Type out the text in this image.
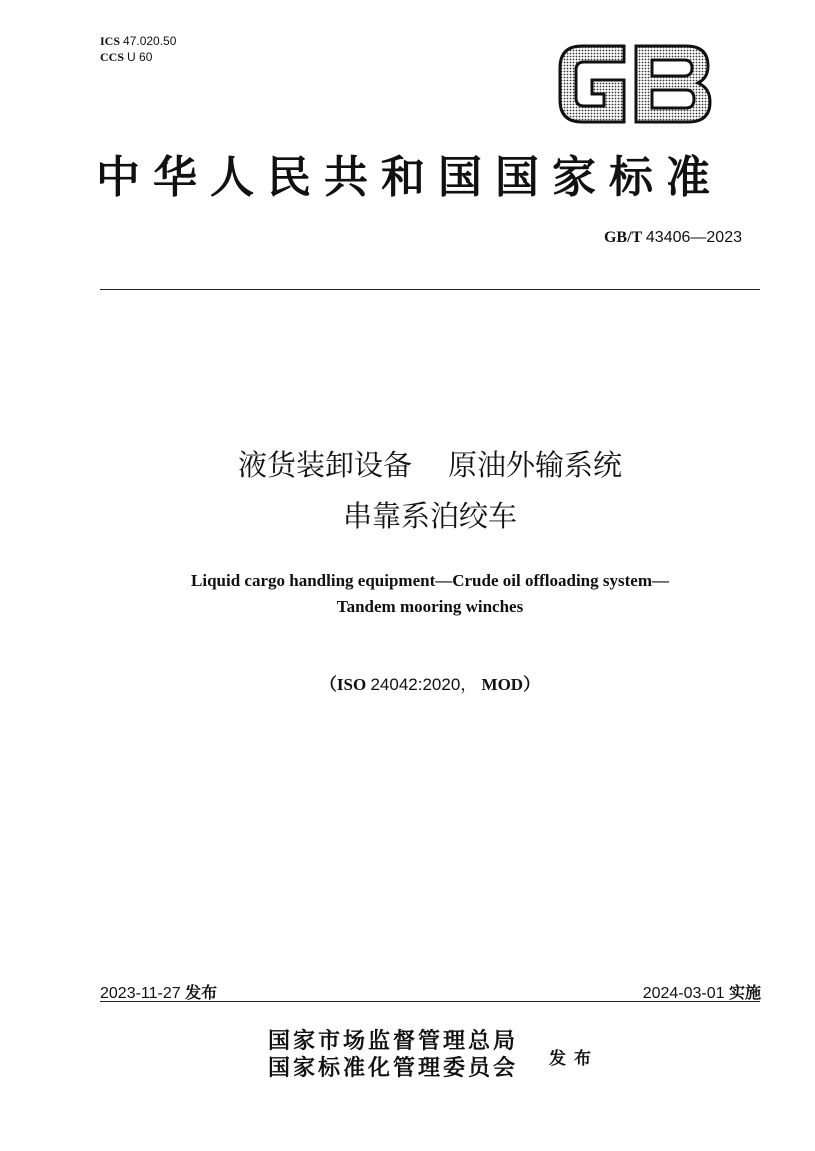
ICS 47.020.50
CCS U 60
中华人民共和国国家标准
GB/T 43406—2023
液货装卸设备 原油外输系统
串靠系泊绞车
Liquid cargo handling equipment—Crude oil offloading system—
Tandem mooring winches
（ISO 24042:2020， MOD）
2023-11-27 发布	2024-03-01 实施
国家市场监督管理总局
国家标准化管理委员会 发布
